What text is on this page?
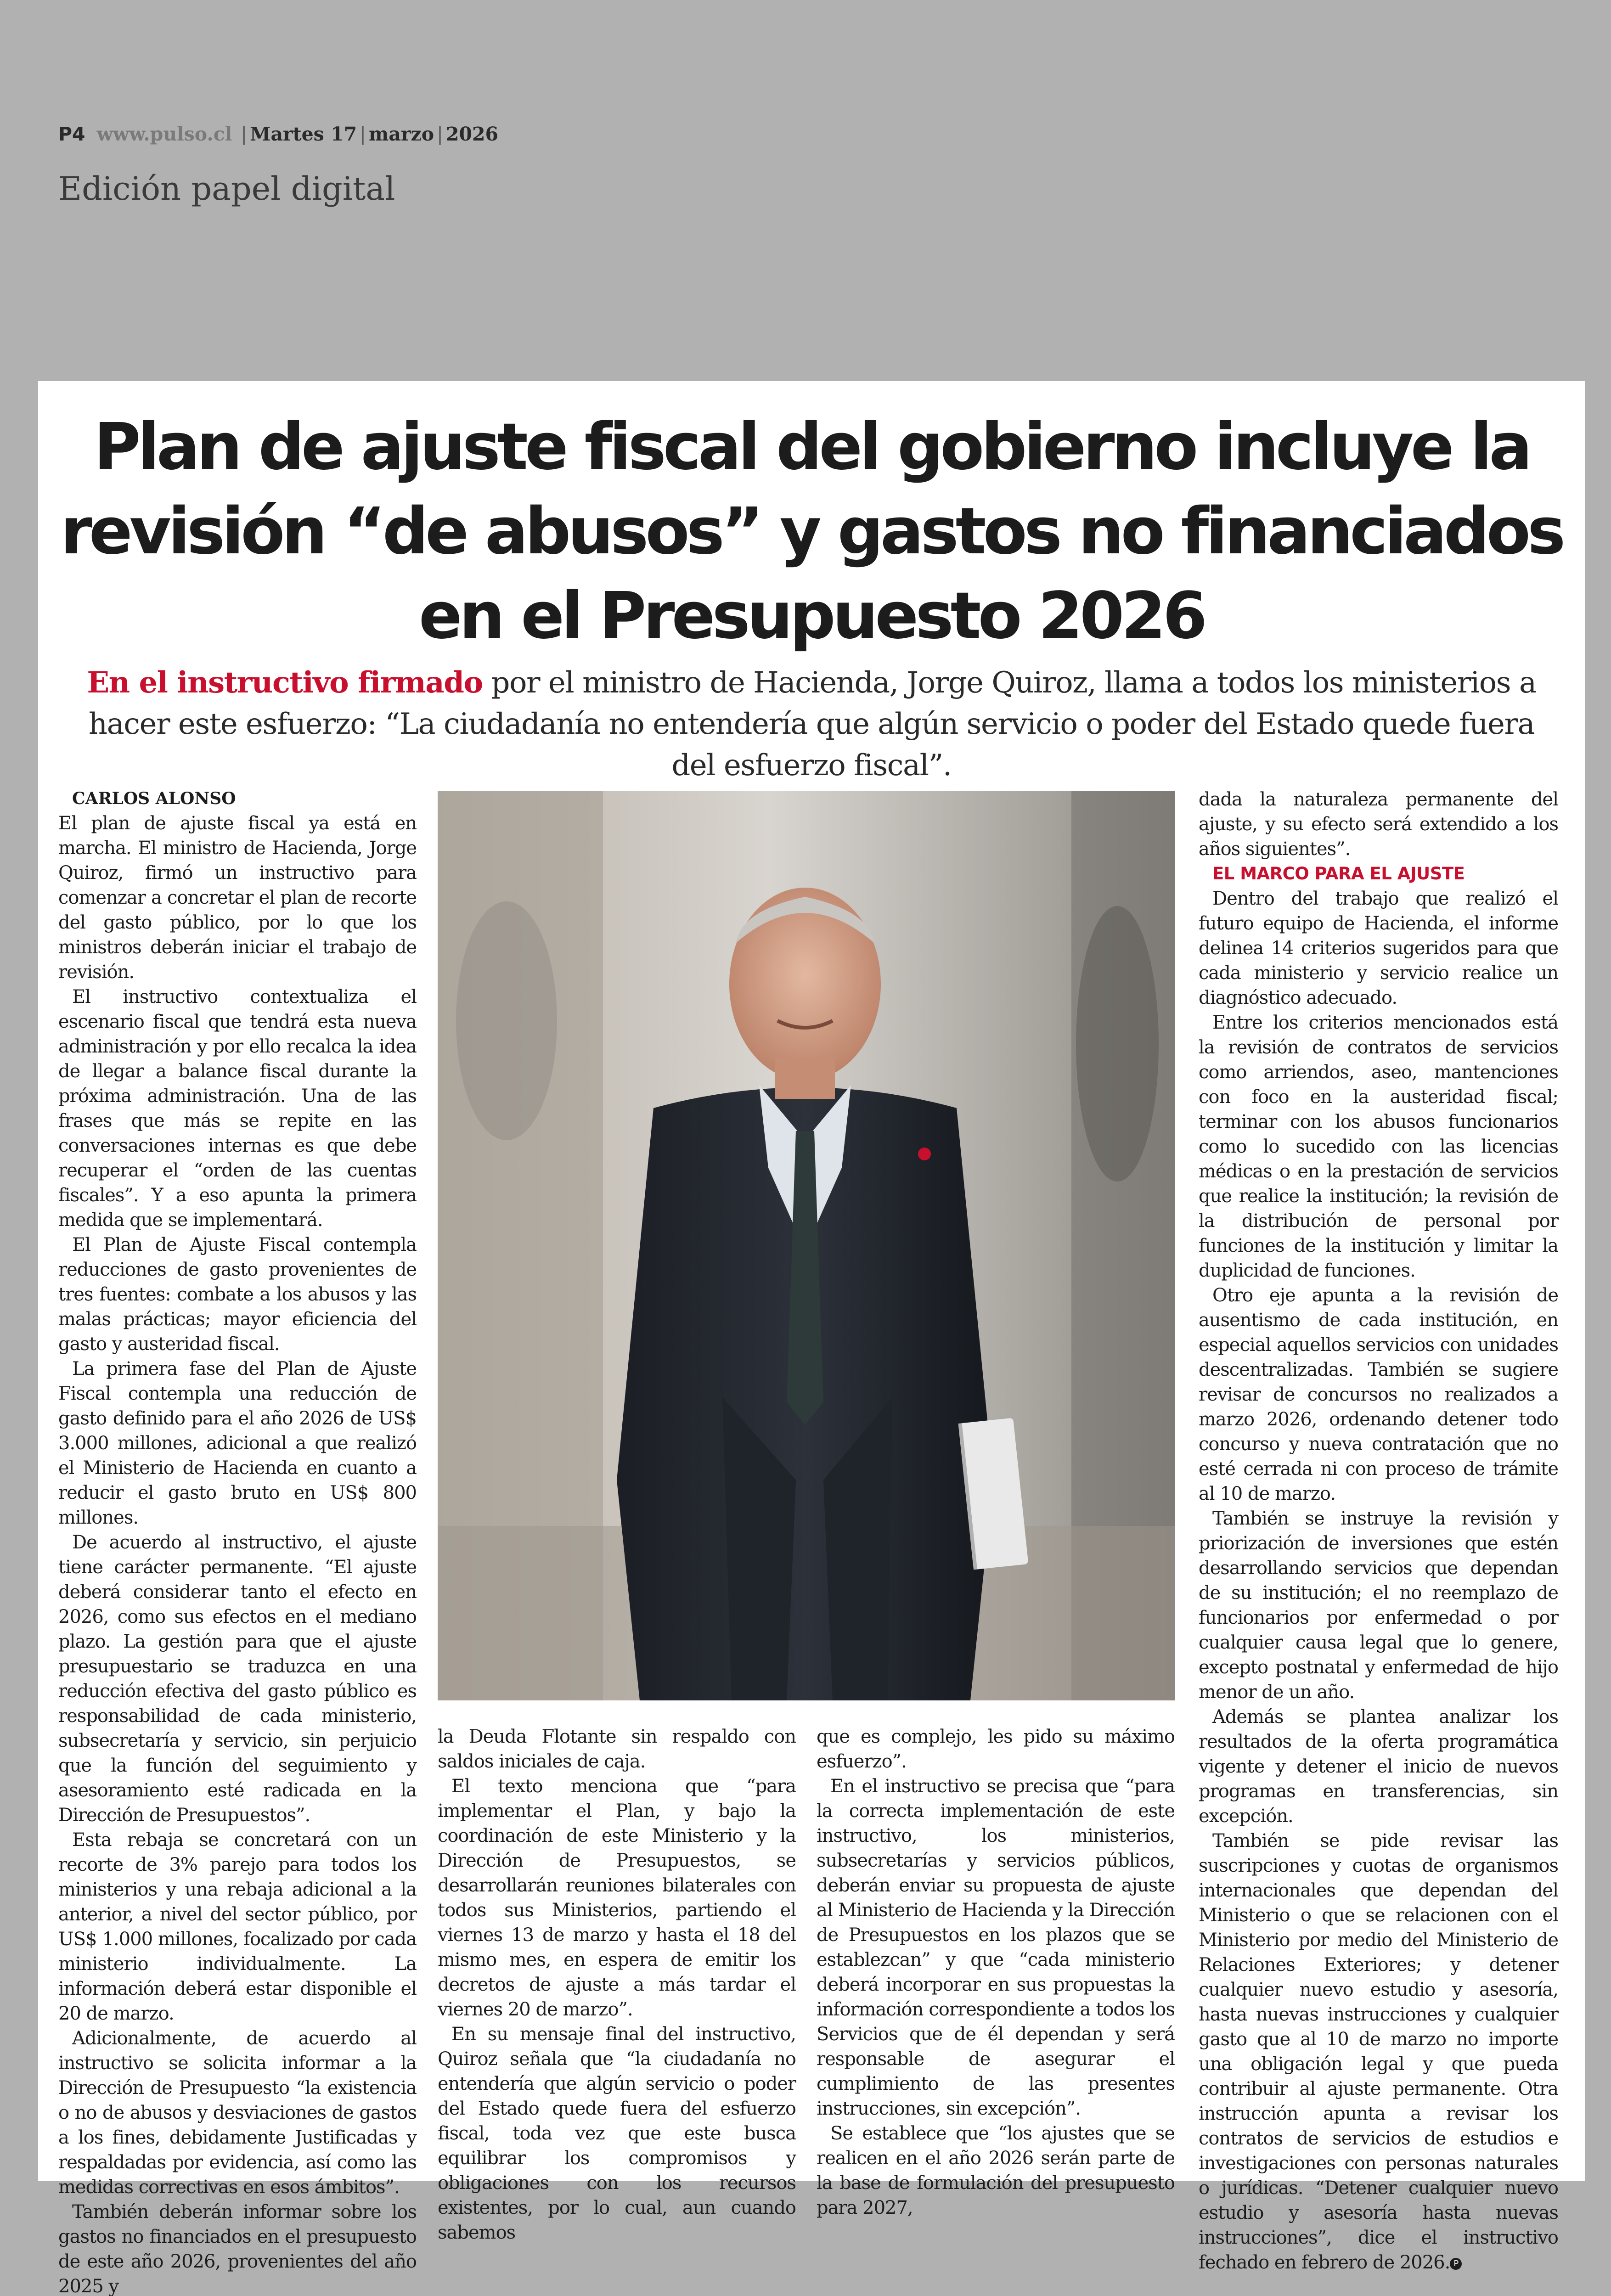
P4 www.pulso.cl | Martes 17 | marzo | 2026
Edición papel digital
Plan de ajuste fiscal del gobierno incluye la revisión “de abusos” y gastos no financiados en el Presupuesto 2026

En el instructivo firmado por el ministro de Hacienda, Jorge Quiroz, llama a todos los ministerios a hacer este esfuerzo: “La ciudadanía no entendería que algún servicio o poder del Estado quede fuera del esfuerzo fiscal”.

CARLOS ALONSO

El plan de ajuste fiscal ya está en marcha. El ministro de Hacienda, Jorge Quiroz, firmó un instructivo para comenzar a concretar el plan de recorte del gasto público, por lo que los ministros deberán iniciar el trabajo de revisión.

El instructivo contextualiza el escenario fiscal que tendrá esta nueva administración y por ello recalca la idea de llegar a balance fiscal durante la próxima administración. Una de las frases que más se repite en las conversaciones internas es que debe recuperar el “orden de las cuentas fiscales”. Y a eso apunta la primera medida que se implementará.

El Plan de Ajuste Fiscal contempla reducciones de gasto provenientes de tres fuentes: combate a los abusos y las malas prácticas; mayor eficiencia del gasto y austeridad fiscal.

La primera fase del Plan de Ajuste Fiscal contempla una reducción de gasto definido para el año 2026 de US$ 3.000 millones, adicional a que realizó el Ministerio de Hacienda en cuanto a reducir el gasto bruto en US$ 800 millones.

De acuerdo al instructivo, el ajuste tiene carácter permanente. “El ajuste deberá considerar tanto el efecto en 2026, como sus efectos en el mediano plazo. La gestión para que el ajuste presupuestario se traduzca en una reducción efectiva del gasto público es responsabilidad de cada ministerio, subsecretaría y servicio, sin perjuicio que la función del seguimiento y asesoramiento esté radicada en la Dirección de Presupuestos”.

Esta rebaja se concretará con un recorte de 3% parejo para todos los ministerios y una rebaja adicional a la anterior, a nivel del sector público, por US$ 1.000 millones, focalizado por cada ministerio individualmente. La información deberá estar disponible el 20 de marzo.

Adicionalmente, de acuerdo al instructivo se solicita informar a la Dirección de Presupuesto “la existencia o no de abusos y desviaciones de gastos a los fines, debidamente Justificadas y respaldadas por evidencia, así como las medidas correctivas en esos ámbitos”.

También deberán informar sobre los gastos no financiados en el presupuesto de este año 2026, provenientes del año 2025 y

la Deuda Flotante sin respaldo con saldos iniciales de caja.

El texto menciona que “para implementar el Plan, y bajo la coordinación de este Ministerio y la Dirección de Presupuestos, se desarrollarán reuniones bilaterales con todos sus Ministerios, partiendo el viernes 13 de marzo y hasta el 18 del mismo mes, en espera de emitir los decretos de ajuste a más tardar el viernes 20 de marzo”.

En su mensaje final del instructivo, Quiroz señala que “la ciudadanía no entendería que algún servicio o poder del Estado quede fuera del esfuerzo fiscal, toda vez que este busca equilibrar los compromisos y obligaciones con los recursos existentes, por lo cual, aun cuando sabemos

que es complejo, les pido su máximo esfuerzo”.

En el instructivo se precisa que “para la correcta implementación de este instructivo, los ministerios, subsecretarías y servicios públicos, deberán enviar su propuesta de ajuste al Ministerio de Hacienda y la Dirección de Presupuestos en los plazos que se establezcan” y que “cada ministerio deberá incorporar en sus propuestas la información correspondiente a todos los Servicios que de él dependan y será responsable de asegurar el cumplimiento de las presentes instrucciones, sin excepción”.

Se establece que “los ajustes que se realicen en el año 2026 serán parte de la base de formulación del presupuesto para 2027,

dada la naturaleza permanente del ajuste, y su efecto será extendido a los años siguientes”.

EL MARCO PARA EL AJUSTE

Dentro del trabajo que realizó el futuro equipo de Hacienda, el informe delinea 14 criterios sugeridos para que cada ministerio y servicio realice un diagnóstico adecuado.

Entre los criterios mencionados está la revisión de contratos de servicios como arriendos, aseo, mantenciones con foco en la austeridad fiscal; terminar con los abusos funcionarios como lo sucedido con las licencias médicas o en la prestación de servicios que realice la institución; la revisión de la distribución de personal por funciones de la institución y limitar la duplicidad de funciones.

Otro eje apunta a la revisión de ausentismo de cada institución, en especial aquellos servicios con unidades descentralizadas. También se sugiere revisar de concursos no realizados a marzo 2026, ordenando detener todo concurso y nueva contratación que no esté cerrada ni con proceso de trámite al 10 de marzo.

También se instruye la revisión y priorización de inversiones que estén desarrollando servicios que dependan de su institución; el no reemplazo de funcionarios por enfermedad o por cualquier causa legal que lo genere, excepto postnatal y enfermedad de hijo menor de un año.

Además se plantea analizar los resultados de la oferta programática vigente y detener el inicio de nuevos programas en transferencias, sin excepción.

También se pide revisar las suscripciones y cuotas de organismos internacionales que dependan del Ministerio o que se relacionen con el Ministerio por medio del Ministerio de Relaciones Exteriores; y detener cualquier nuevo estudio y asesoría, hasta nuevas instrucciones y cualquier gasto que al 10 de marzo no importe una obligación legal y que pueda contribuir al ajuste permanente. Otra instrucción apunta a revisar los contratos de servicios de estudios e investigaciones con personas naturales o jurídicas. “Detener cualquier nuevo estudio y asesoría hasta nuevas instrucciones”, dice el instructivo fechado en febrero de 2026. P
